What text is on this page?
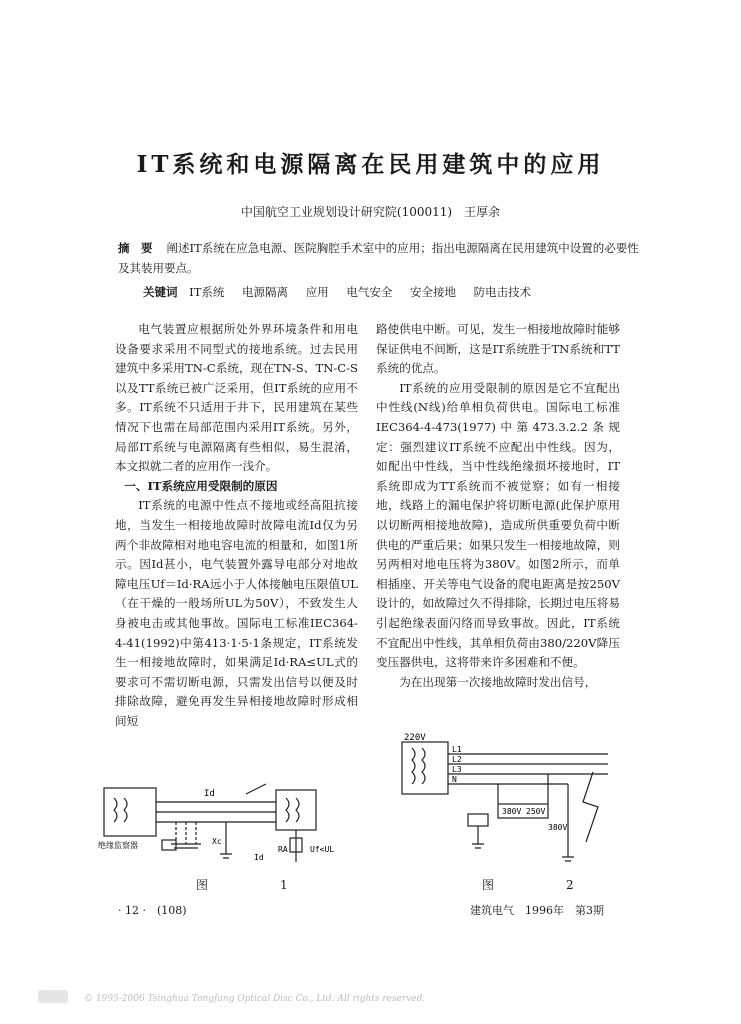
IT系统和电源隔离在民用建筑中的应用
中国航空工业规划设计研究院(100011)　王厚余
摘　要 阐述IT系统在应急电源、医院胸腔手术室中的应用；指出电源隔离在民用建筑中设置的必要性及其装用要点。
关键词 IT系统 电源隔离 应用 电气安全 安全接地 防电击技术

电气装置应根据所处外界环境条件和用电设备要求采用不同型式的接地系统。过去民用建筑中多采用TN-C系统，现在TN-S、TN-C-S以及TT系统已被广泛采用，但IT系统的应用不多。IT系统不只适用于井下，民用建筑在某些情况下也需在局部范围内采用IT系统。另外，局部IT系统与电源隔离有些相似，易生混淆，本文拟就二者的应用作一浅介。

一、IT系统应用受限制的原因

IT系统的电源中性点不接地或经高阻抗接地，当发生一相接地故障时故障电流Id仅为另两个非故障相对地电容电流的相量和，如图1所示。因Id甚小，电气装置外露导电部分对地故障电压Uf＝Id·RA远小于人体接触电压限值UL（在干燥的一般场所UL为50V），不致发生人身被电击或其他事故。国际电工标准IEC364-4-41(1992)中第413·1·5·1条规定，IT系统发生一相接地故障时，如果满足Id·RA≤UL式的要求可不需切断电源，只需发出信号以便及时排除故障，避免再发生异相接地故障时形成相间短

路使供电中断。可见，发生一相接地故障时能够保证供电不间断，这是IT系统胜于TN系统和TT系统的优点。

IT系统的应用受限制的原因是它不宜配出中性线(N线)给单相负荷供电。国际电工标准IEC364-4-473(1977)中第473.3.2.2条规定：强烈建议IT系统不应配出中性线。因为，如配出中性线，当中性线绝缘损坏接地时，IT系统即成为TT系统而不被觉察；如有一相接地，线路上的漏电保护将切断电源(此保护原用以切断两相接地故障)，造成所供重要负荷中断供电的严重后果；如果只发生一相接地故障，则另两相对地电压将为380V。如图2所示，而单相插座、开关等电气设备的爬电距离是按250V设计的，如故障过久不得排除，长期过电压将易引起绝缘表面闪络而导致事故。因此，IT系统不宜配出中性线，其单相负荷由380/220V降压变压器供电，这将带来许多困难和不便。

为在出现第一次接地故障时发出信号，

Id
Xc
Id
RA	Uf<UL
绝缘监察器
图　1
220V
L1
L2
L3
N
380V 250V
380V
图　2
· 12 ·　(108)	建筑电气　1996年　第3期
© 1995-2006 Tsinghua Tongfang Optical Disc Co., Ltd. All rights reserved.
